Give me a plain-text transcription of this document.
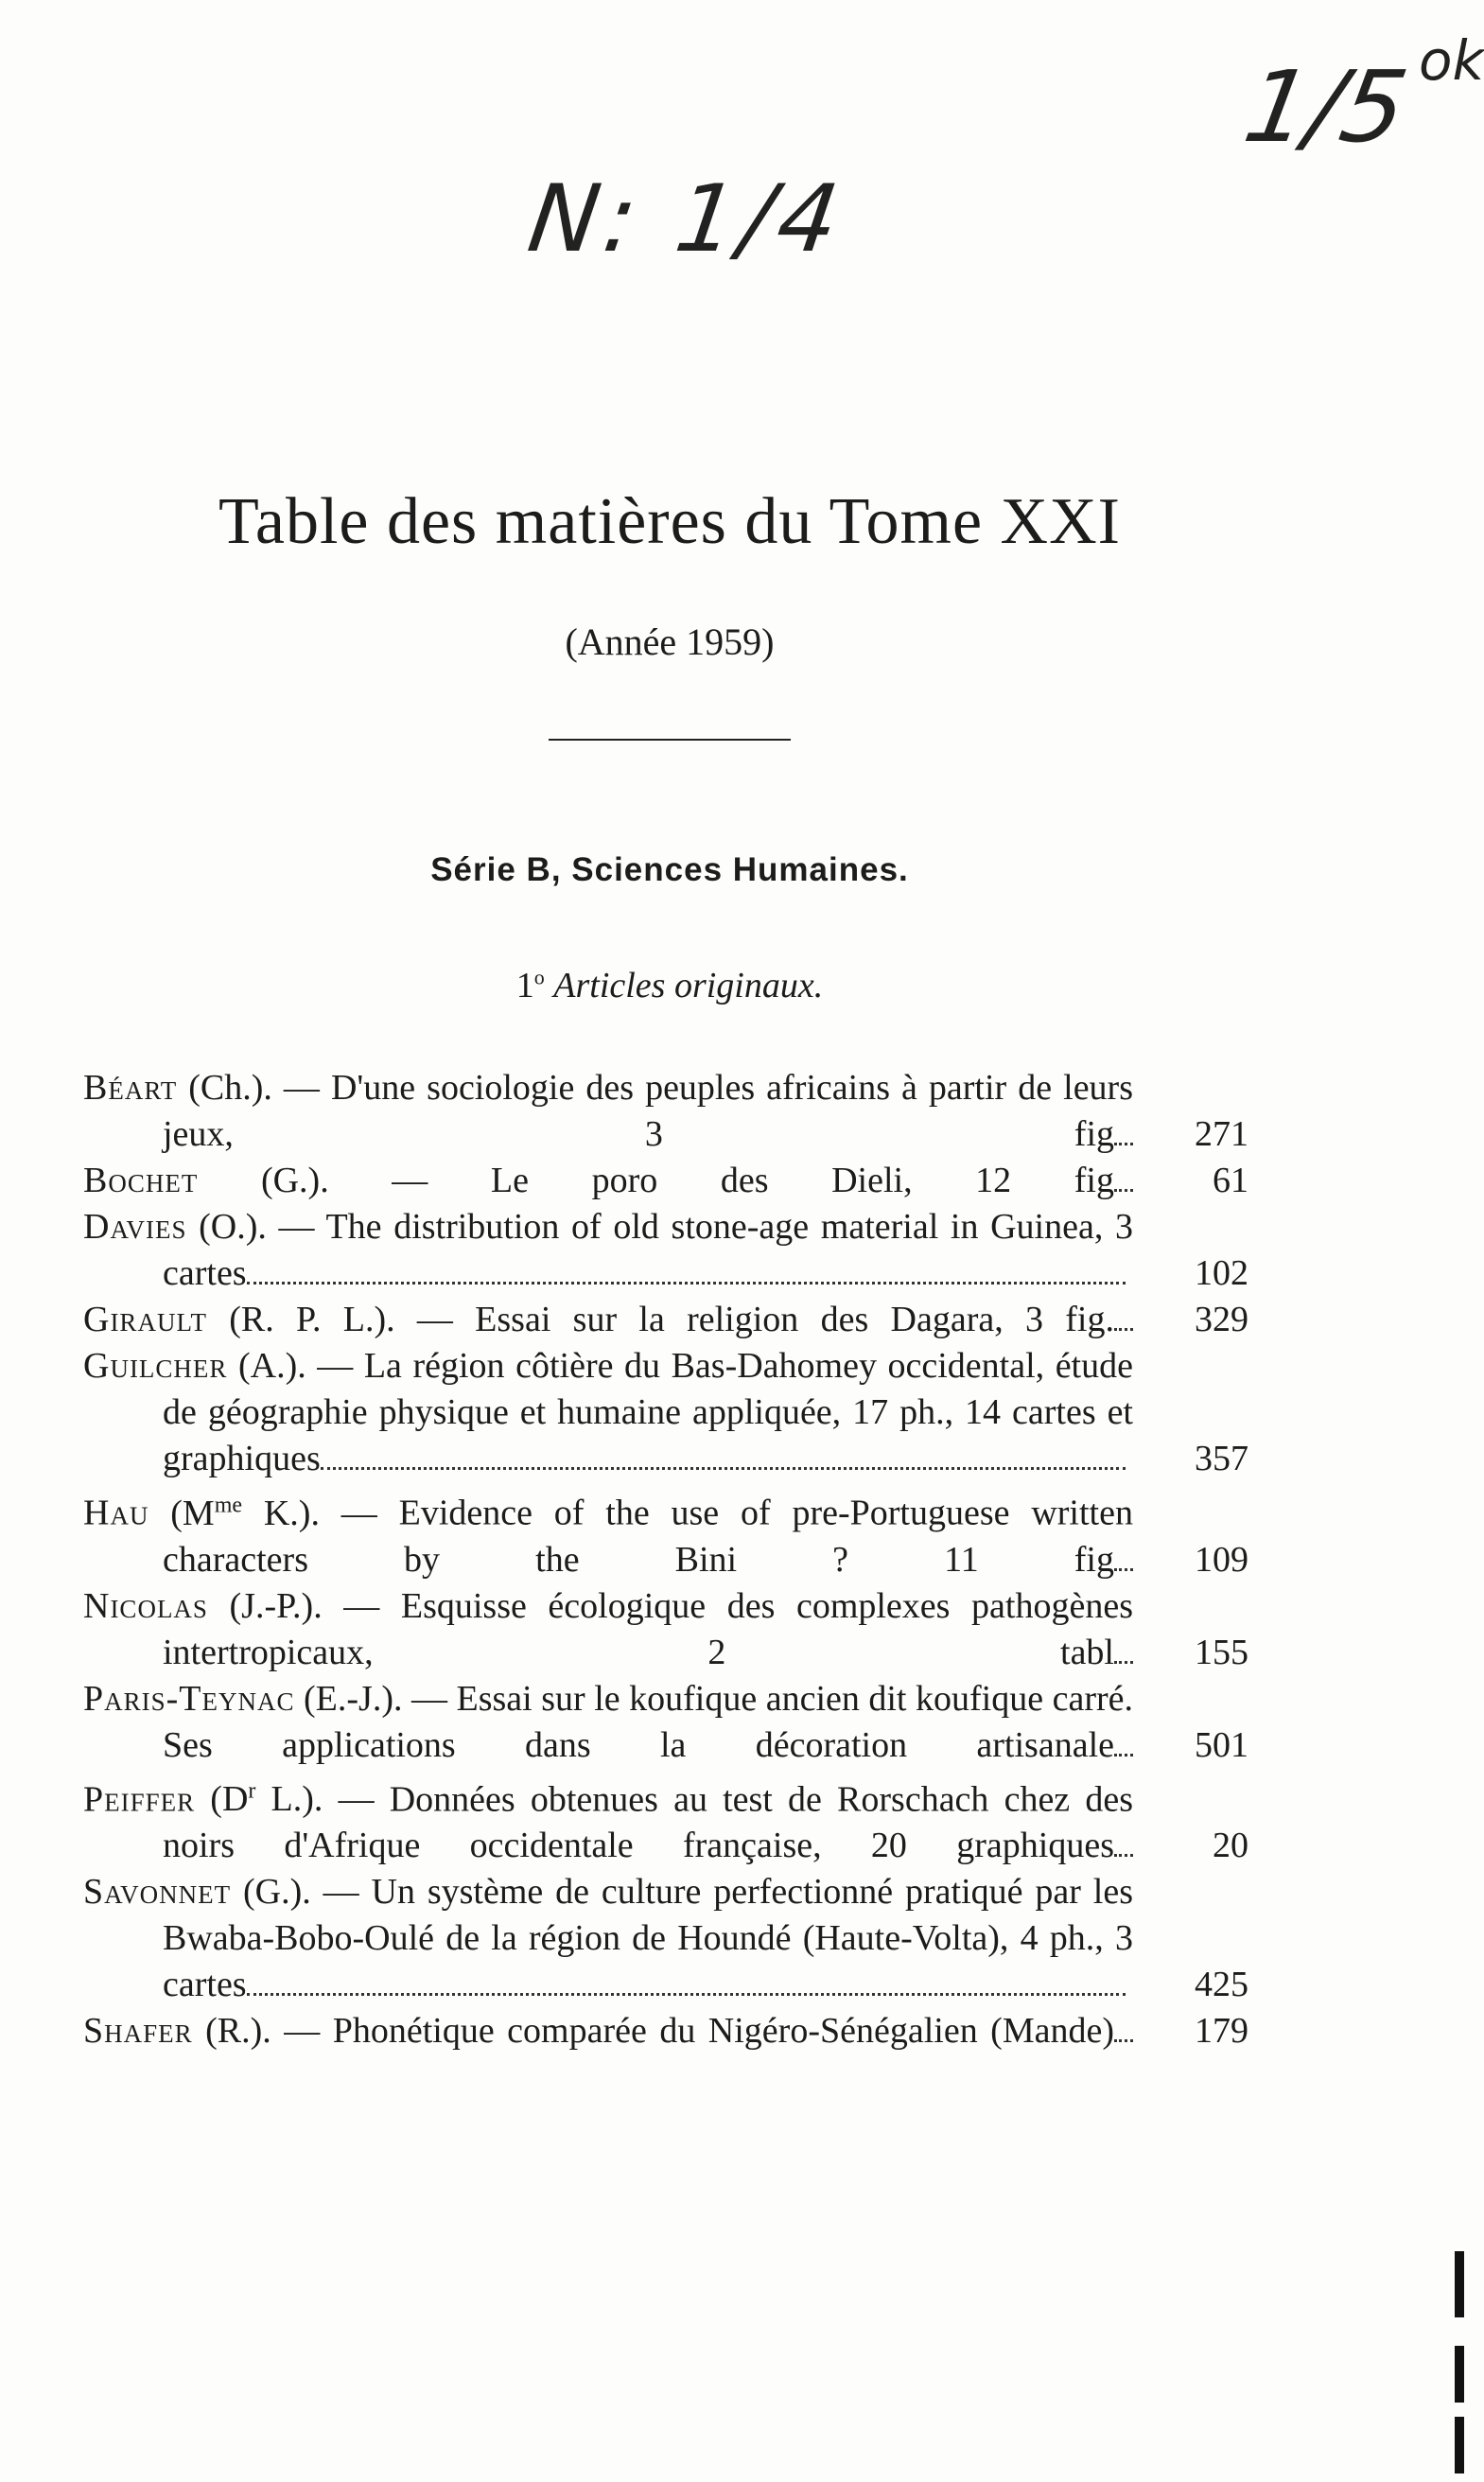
N: 1/4
1/5 ok
Table des matières du Tome XXI
(Année 1959)
Série B, Sciences Humaines.
1$^o$ Articles originaux.
Béart (Ch.). — D'une sociologie des peuples africains à partir de leurs jeux, 3 fig	271
Bochet (G.). — Le poro des Dieli, 12 fig	61
Davies (O.). — The distribution of old stone-age material in Guinea, 3 cartes	102
Girault (R. P. L.). — Essai sur la religion des Dagara, 3 fig.	329
Guilcher (A.). — La région côtière du Bas-Dahomey occidental, étude de géographie physique et humaine appliquée, 17 ph., 14 cartes et graphiques	357
Hau ($M^{me}$ K.). — Evidence of the use of pre-Portuguese written characters by the Bini ? 11 fig	109
Nicolas (J.-P.). — Esquisse écologique des complexes pathogènes intertropicaux, 2 tabl	155
Paris-Teynac (E.-J.). — Essai sur le koufique ancien dit koufique carré. Ses applications dans la décoration artisanale	501
Peiffer ($D^r$ L.). — Données obtenues au test de Rorschach chez des noirs d'Afrique occidentale française, 20 graphiques	20
Savonnet (G.). — Un système de culture perfectionné pratiqué par les Bwaba-Bobo-Oulé de la région de Houndé (Haute-Volta), 4 ph., 3 cartes	425
Shafer (R.). — Phonétique comparée du Nigéro-Sénégalien (Mande)	179
